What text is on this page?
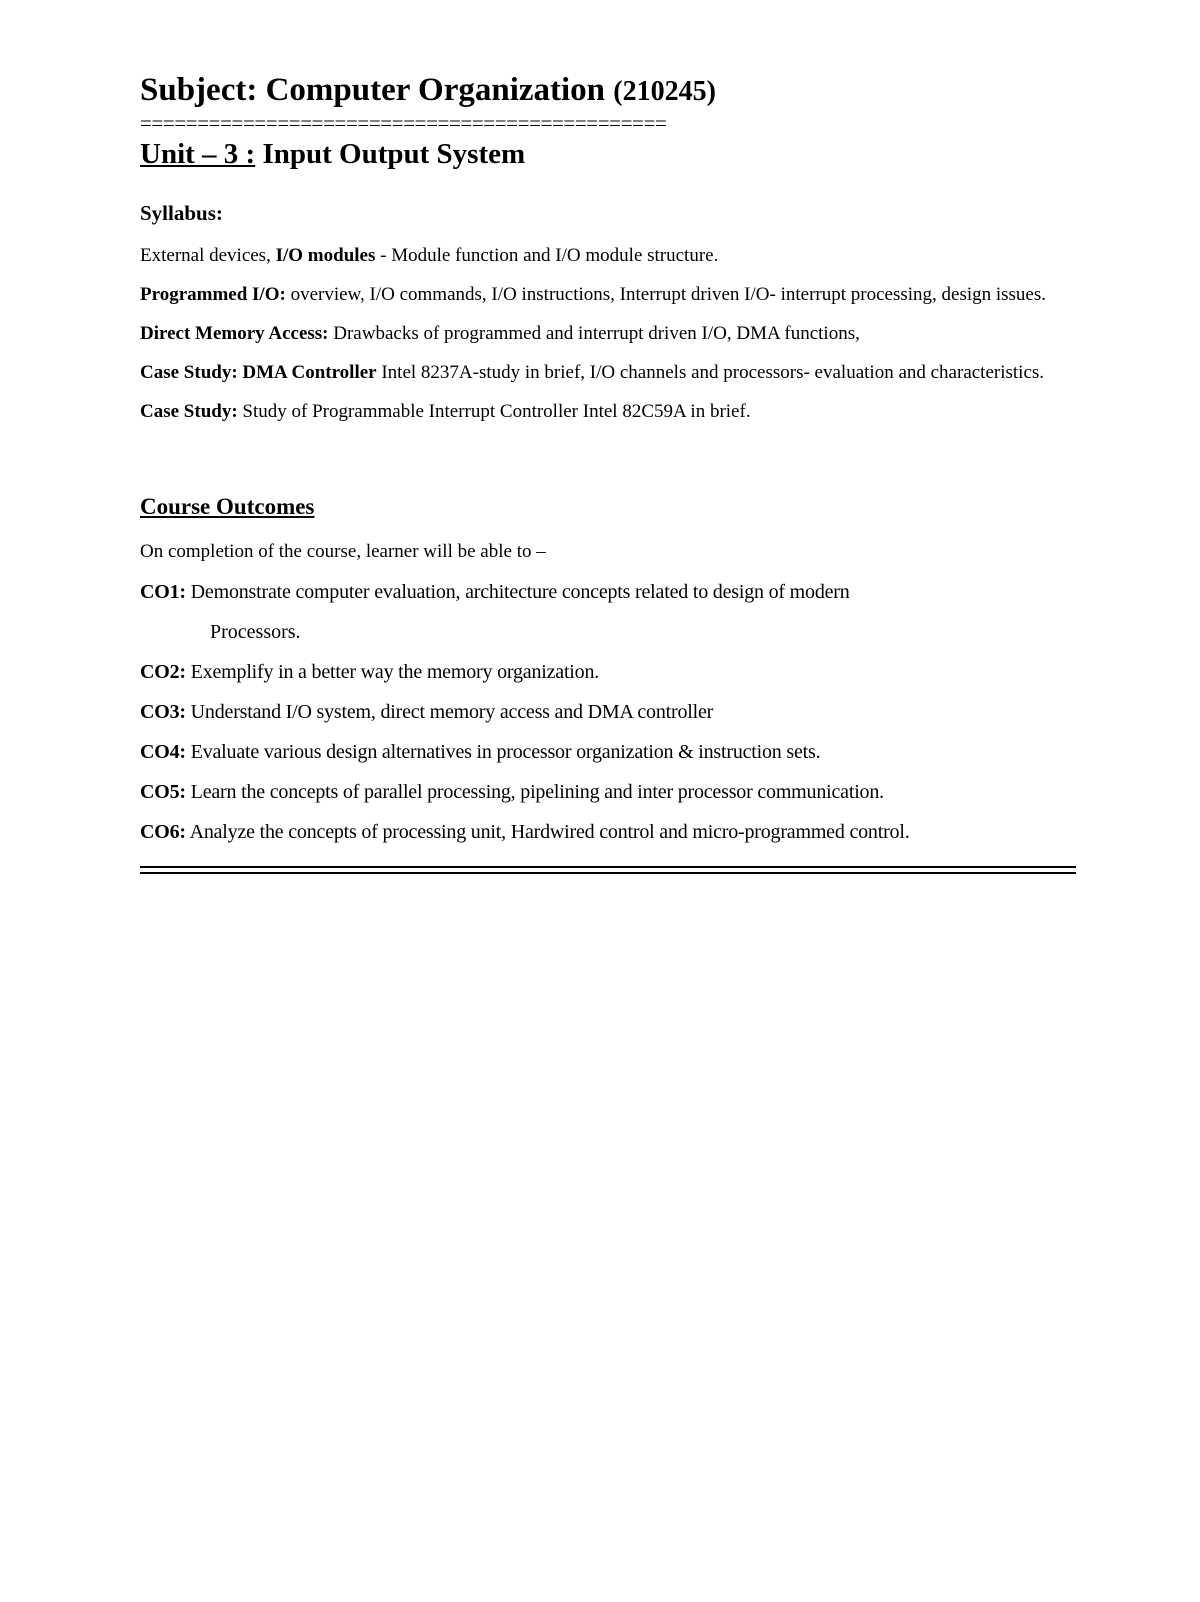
Subject: Computer Organization (210245)
==============================================
Unit – 3 : Input Output System
Syllabus:

External devices, I/O modules - Module function and I/O module structure.

Programmed I/O: overview, I/O commands, I/O instructions, Interrupt driven I/O- interrupt processing, design issues.

Direct Memory Access: Drawbacks of programmed and interrupt driven I/O, DMA functions,

Case Study: DMA Controller Intel 8237A-study in brief, I/O channels and processors- evaluation and characteristics.

Case Study: Study of Programmable Interrupt Controller Intel 82C59A in brief.

Course Outcomes
On completion of the course, learner will be able to –
CO1: Demonstrate computer evaluation, architecture concepts related to design of modern
Processors.
CO2: Exemplify in a better way the memory organization.
CO3: Understand I/O system, direct memory access and DMA controller
CO4: Evaluate various design alternatives in processor organization & instruction sets.
CO5: Learn the concepts of parallel processing, pipelining and inter processor communication.
CO6: Analyze the concepts of processing unit, Hardwired control and micro-programmed control.
